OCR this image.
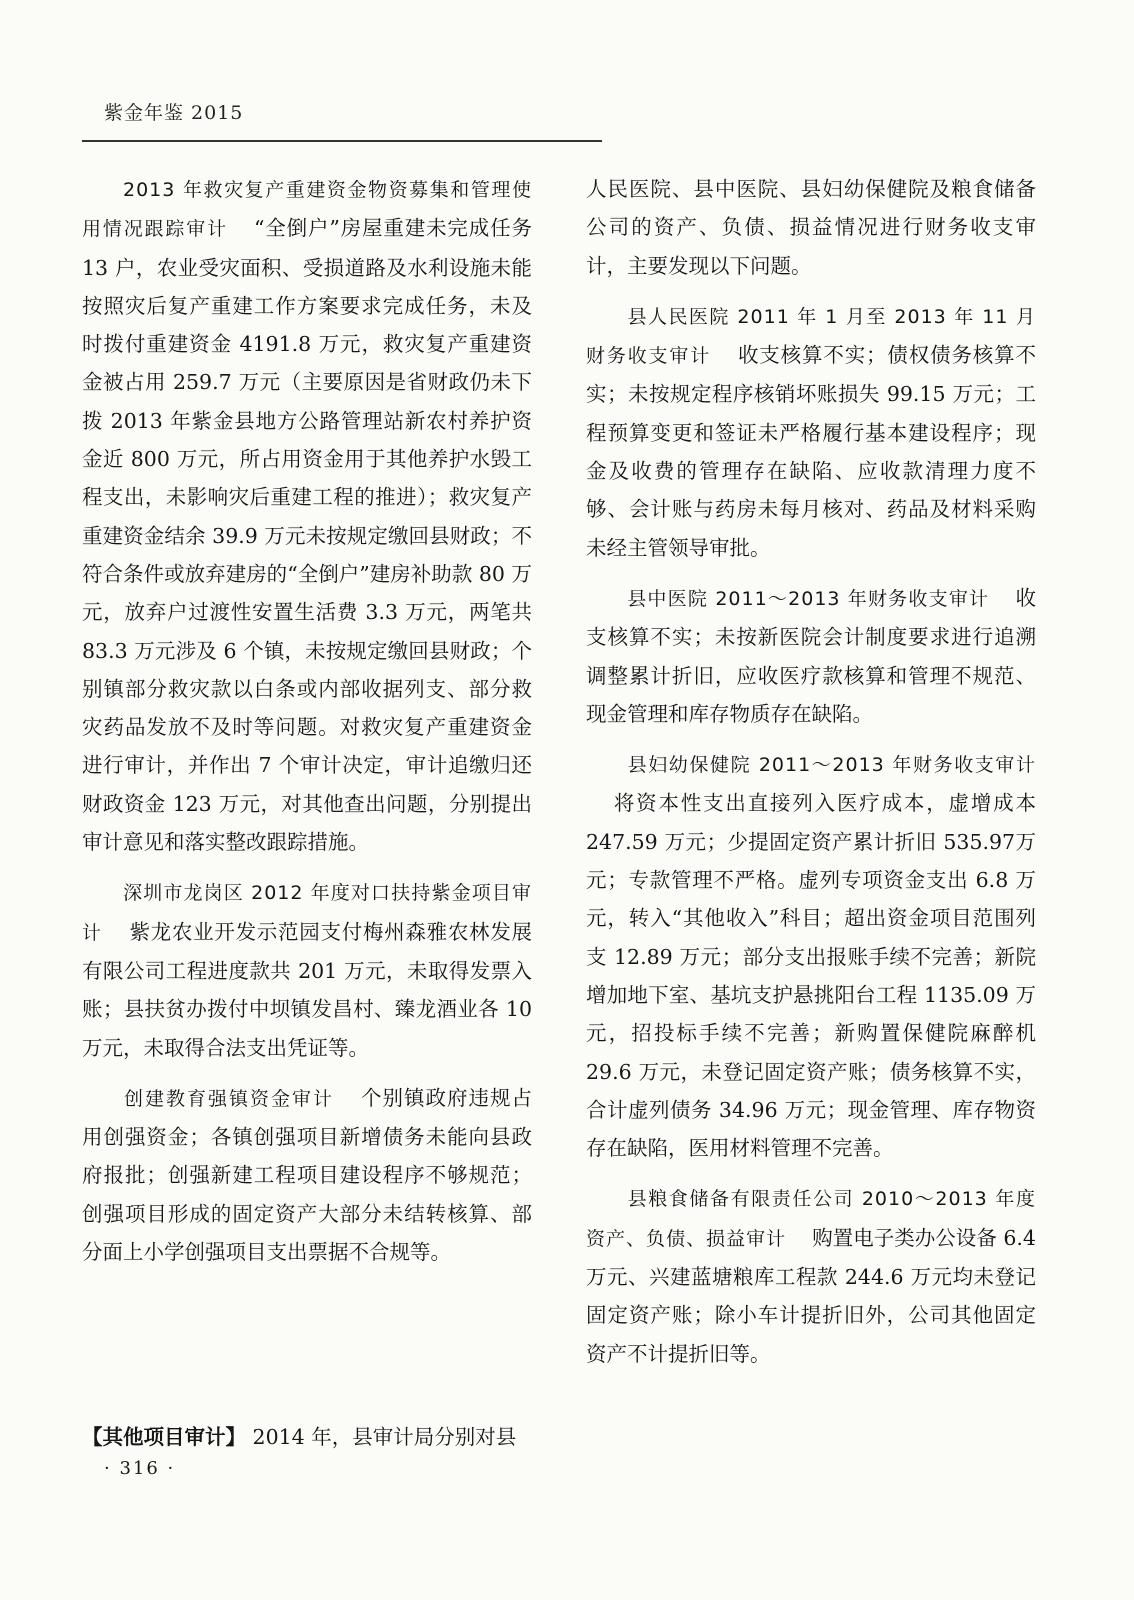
紫金年鉴 2015

2013 年救灾复产重建资金物资募集和管理使用情况跟踪审计 “全倒户”房屋重建未完成任务 13 户，农业受灾面积、受损道路及水利设施未能按照灾后复产重建工作方案要求完成任务，未及时拨付重建资金 4191.8 万元，救灾复产重建资金被占用 259.7 万元（主要原因是省财政仍未下拨 2013 年紫金县地方公路管理站新农村养护资金近 800 万元，所占用资金用于其他养护水毁工程支出，未影响灾后重建工程的推进）；救灾复产重建资金结余 39.9 万元未按规定缴回县财政；不符合条件或放弃建房的“全倒户”建房补助款 80 万元，放弃户过渡性安置生活费 3.3 万元，两笔共 83.3 万元涉及 6 个镇，未按规定缴回县财政；个别镇部分救灾款以白条或内部收据列支、部分救灾药品发放不及时等问题。对救灾复产重建资金进行审计，并作出 7 个审计决定，审计追缴归还财政资金 123 万元，对其他查出问题，分别提出审计意见和落实整改跟踪措施。

深圳市龙岗区 2012 年度对口扶持紫金项目审计 紫龙农业开发示范园支付梅州森雅农林发展有限公司工程进度款共 201 万元，未取得发票入账；县扶贫办拨付中坝镇发昌村、臻龙酒业各 10 万元，未取得合法支出凭证等。

创建教育强镇资金审计 个别镇政府违规占用创强资金；各镇创强项目新增债务未能向县政府报批；创强新建工程项目建设程序不够规范；创强项目形成的固定资产大部分未结转核算、部分面上小学创强项目支出票据不合规等。

【其他项目审计】 2014 年，县审计局分别对县

人民医院、县中医院、县妇幼保健院及粮食储备公司的资产、负债、损益情况进行财务收支审计，主要发现以下问题。

县人民医院 2011 年 1 月至 2013 年 11 月财务收支审计 收支核算不实；债权债务核算不实；未按规定程序核销坏账损失 99.15 万元；工程预算变更和签证未严格履行基本建设程序；现金及收费的管理存在缺陷、应收款清理力度不够、会计账与药房未每月核对、药品及材料采购未经主管领导审批。

县中医院 2011～2013 年财务收支审计 收支核算不实；未按新医院会计制度要求进行追溯调整累计折旧，应收医疗款核算和管理不规范、现金管理和库存物质存在缺陷。

县妇幼保健院 2011～2013 年财务收支审计将资本性支出直接列入医疗成本，虚增成本 247.59 万元；少提固定资产累计折旧 535.97万元；专款管理不严格。虚列专项资金支出 6.8 万元，转入“其他收入”科目；超出资金项目范围列支 12.89 万元；部分支出报账手续不完善；新院增加地下室、基坑支护悬挑阳台工程 1135.09 万元，招投标手续不完善；新购置保健院麻醉机 29.6 万元，未登记固定资产账；债务核算不实，合计虚列债务 34.96 万元；现金管理、库存物资存在缺陷，医用材料管理不完善。

县粮食储备有限责任公司 2010～2013 年度资产、负债、损益审计 购置电子类办公设备 6.4 万元、兴建蓝塘粮库工程款 244.6 万元均未登记固定资产账；除小车计提折旧外，公司其他固定资产不计提折旧等。

· 316 ·
